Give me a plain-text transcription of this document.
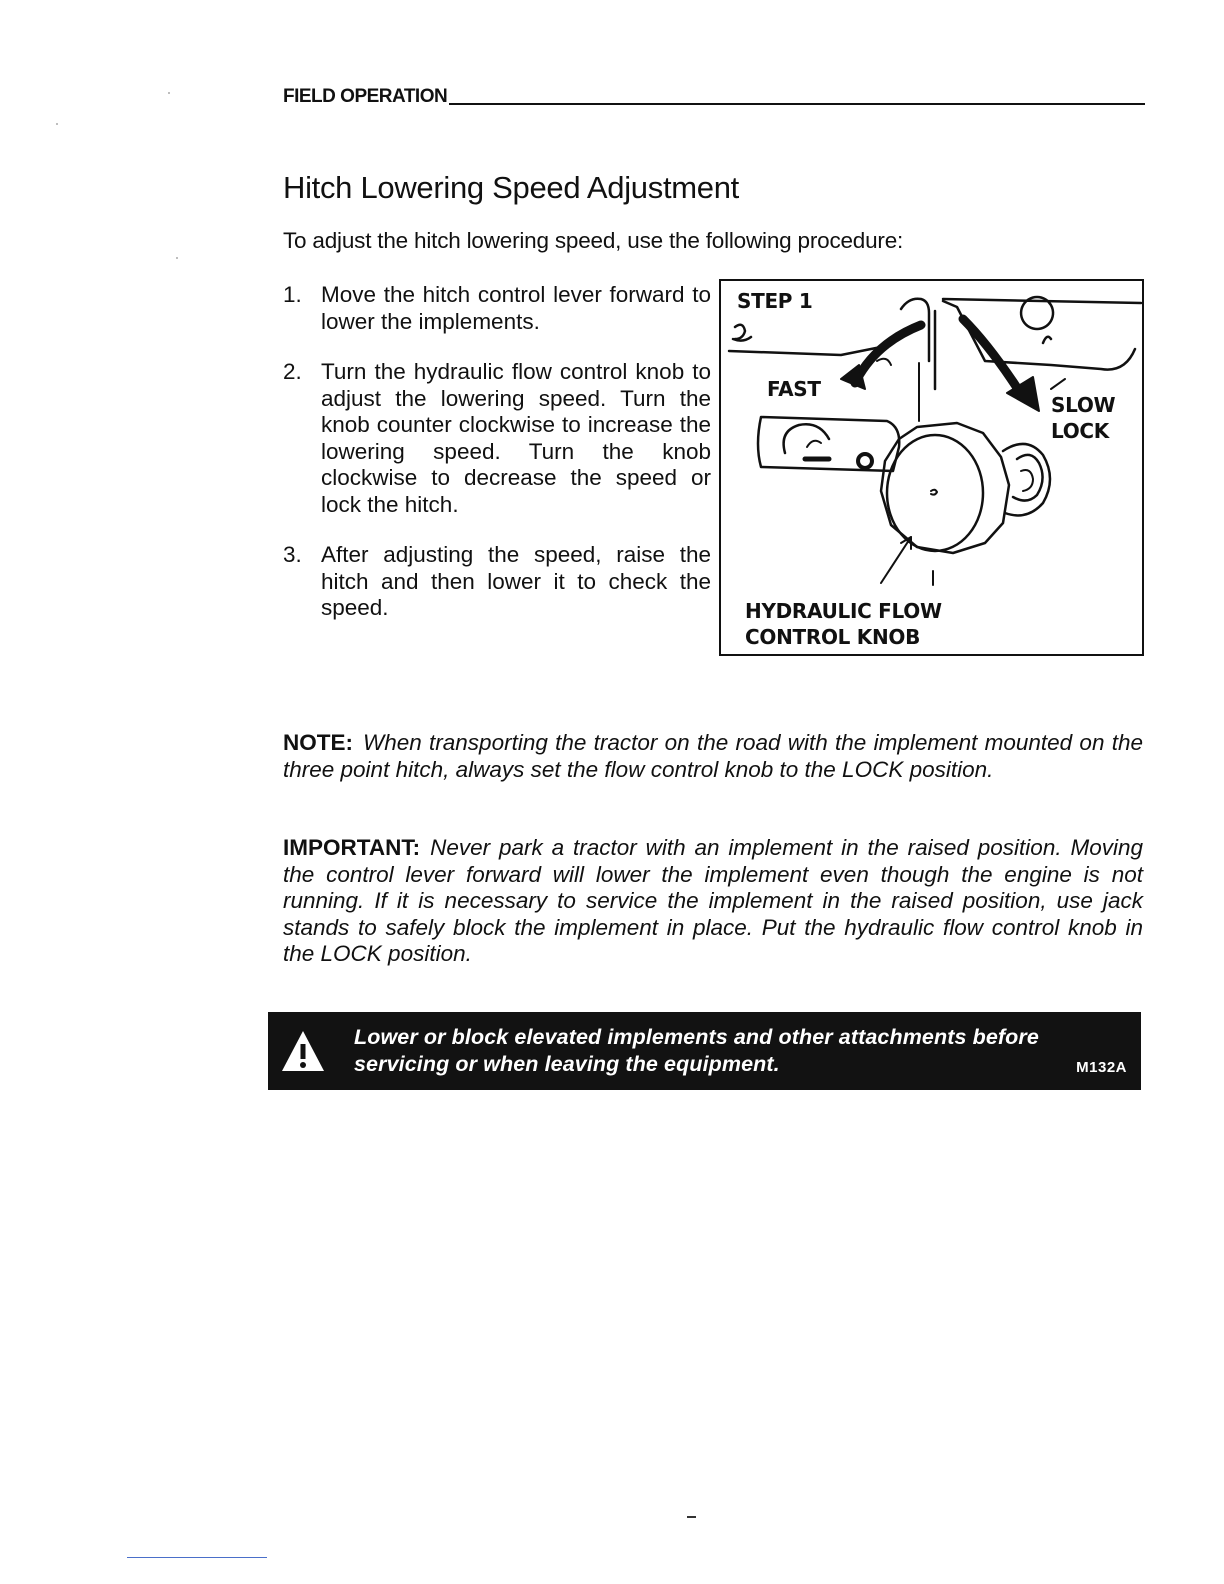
FIELD OPERATION
Hitch Lowering Speed Adjustment

To adjust the hitch lowering speed, use the following procedure:

1. Move the hitch control lever forward to lower the implements.
2. Turn the hydraulic flow control knob to adjust the lowering speed. Turn the knob counter clockwise to increase the lowering speed. Turn the knob clockwise to decrease the speed or lock the hitch.
3. After adjusting the speed, raise the hitch and then lower it to check the speed.
STEP 1
FAST
SLOW
LOCK
HYDRAULIC FLOW
CONTROL KNOB

NOTE: When transporting the tractor on the road with the implement mounted on the three point hitch, always set the flow control knob to the LOCK position.

IMPORTANT: Never park a tractor with an implement in the raised position. Moving the control lever forward will lower the implement even though the engine is not running. If it is necessary to service the implement in the raised position, use jack stands to safely block the implement in place. Put the hydraulic flow control knob in the LOCK position.

Lower or block elevated implements and other attachments before servicing or when leaving the equipment.	M132A
